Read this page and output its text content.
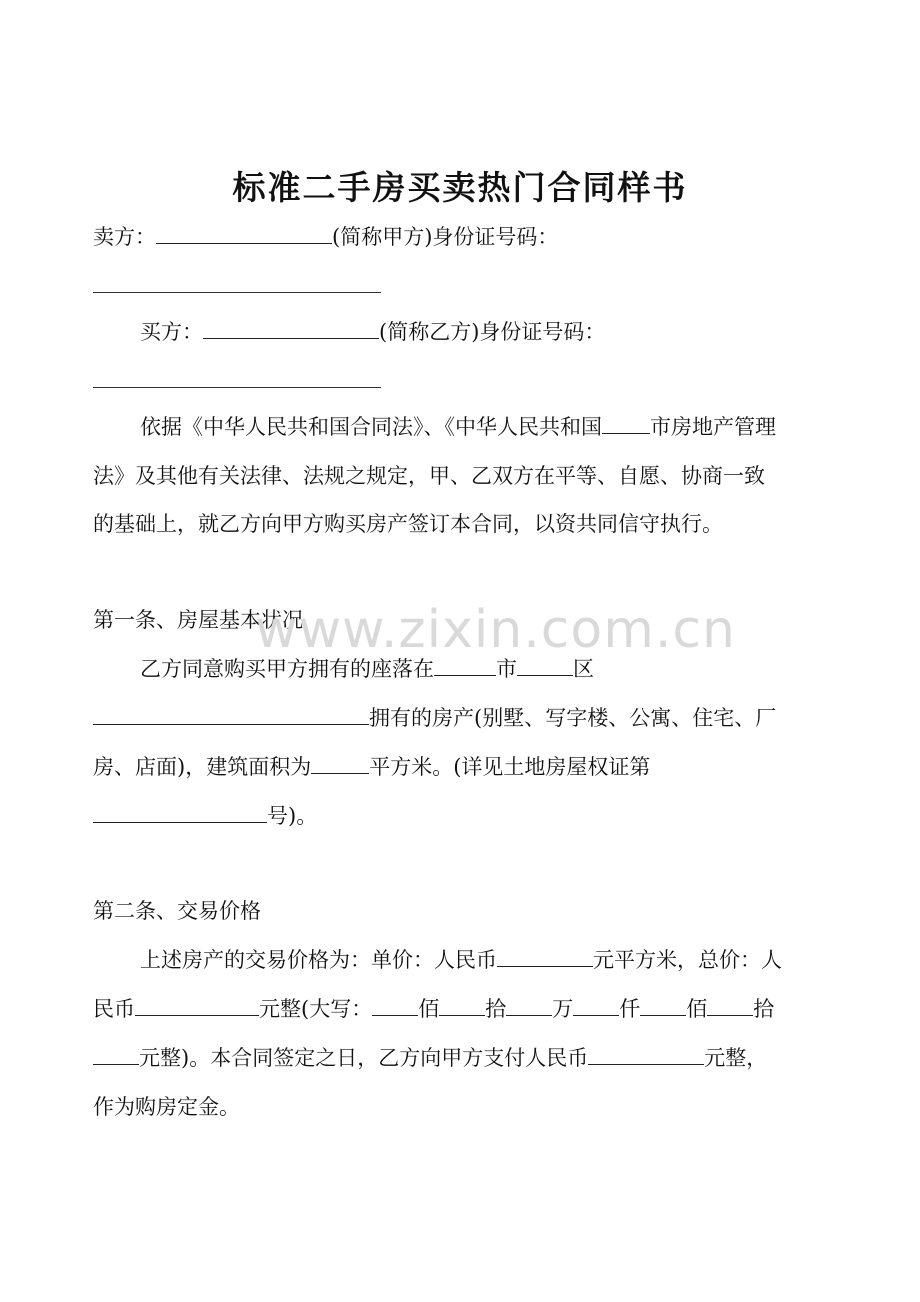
标准二手房买卖热门合同样书
卖方：	(简称甲方)身份证号码：
买方：	(简称乙方)身份证号码：
依据《中华人民共和国合同法》、《中华人民共和国 市房地产管理
法》及其他有关法律、法规之规定，甲、乙双方在平等、自愿、协商一致
的基础上，就乙方向甲方购买房产签订本合同，以资共同信守执行。
第一条、房屋基本状况
乙方同意购买甲方拥有的座落在	市	区
拥有的房产(别墅、写字楼、公寓、住宅、厂
房、店面)，建筑面积为	平方米。(详见土地房屋权证第
号)。
第二条、交易价格
上述房产的交易价格为：单价：人民币	元平方米，总价：人
民币	元整(大写： 佰 拾 万 仟 佰 拾
元整)。本合同签定之日，乙方向甲方支付人民币	元整，
作为购房定金。
www.zixin.com.cn
